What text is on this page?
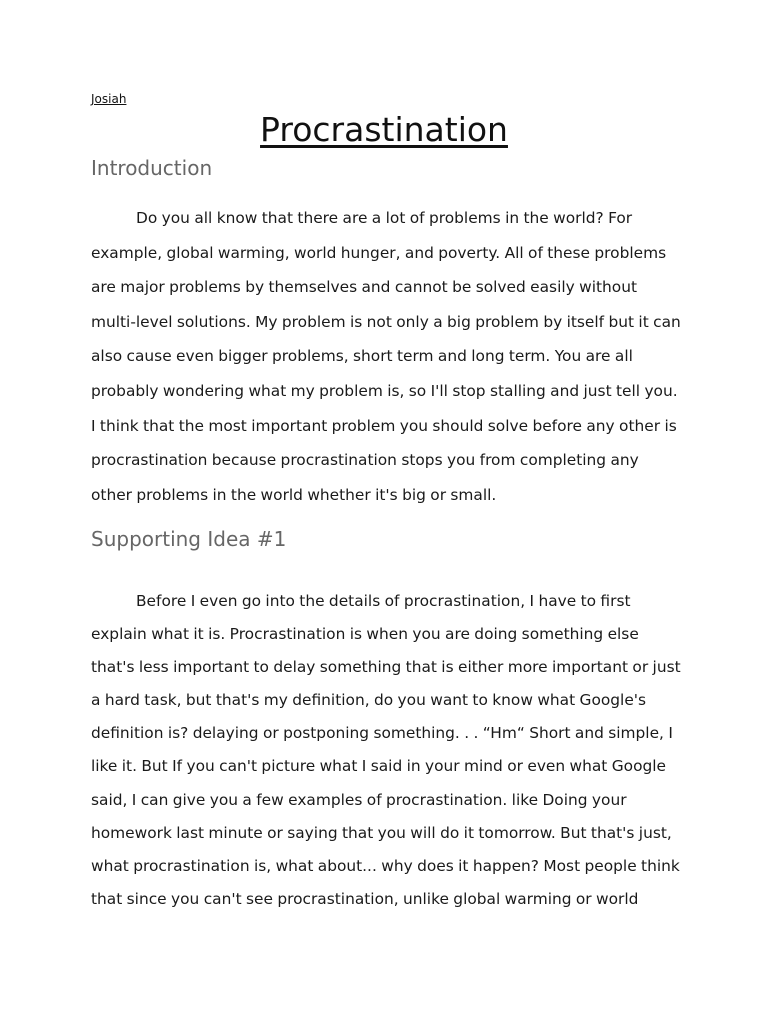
Josiah
Procrastination
Introduction

Do you all know that there are a lot of problems in the world? For example, global warming, world hunger, and poverty. All of these problems are major problems by themselves and cannot be solved easily without multi-level solutions. My problem is not only a big problem by itself but it can also cause even bigger problems, short term and long term. You are all probably wondering what my problem is, so I'll stop stalling and just tell you. I think that the most important problem you should solve before any other is procrastination because procrastination stops you from completing any other problems in the world whether it's big or small.

Supporting Idea #1

Before I even go into the details of procrastination, I have to first explain what it is. Procrastination is when you are doing something else that's less important to delay something that is either more important or just a hard task, but that's my definition, do you want to know what Google's definition is? delaying or postponing something. . . “Hm“ Short and simple, I like it. But If you can't picture what I said in your mind or even what Google said, I can give you a few examples of procrastination. like Doing your homework last minute or saying that you will do it tomorrow. But that's just, what procrastination is, what about... why does it happen? Most people think that since you can't see procrastination, unlike global warming or world
